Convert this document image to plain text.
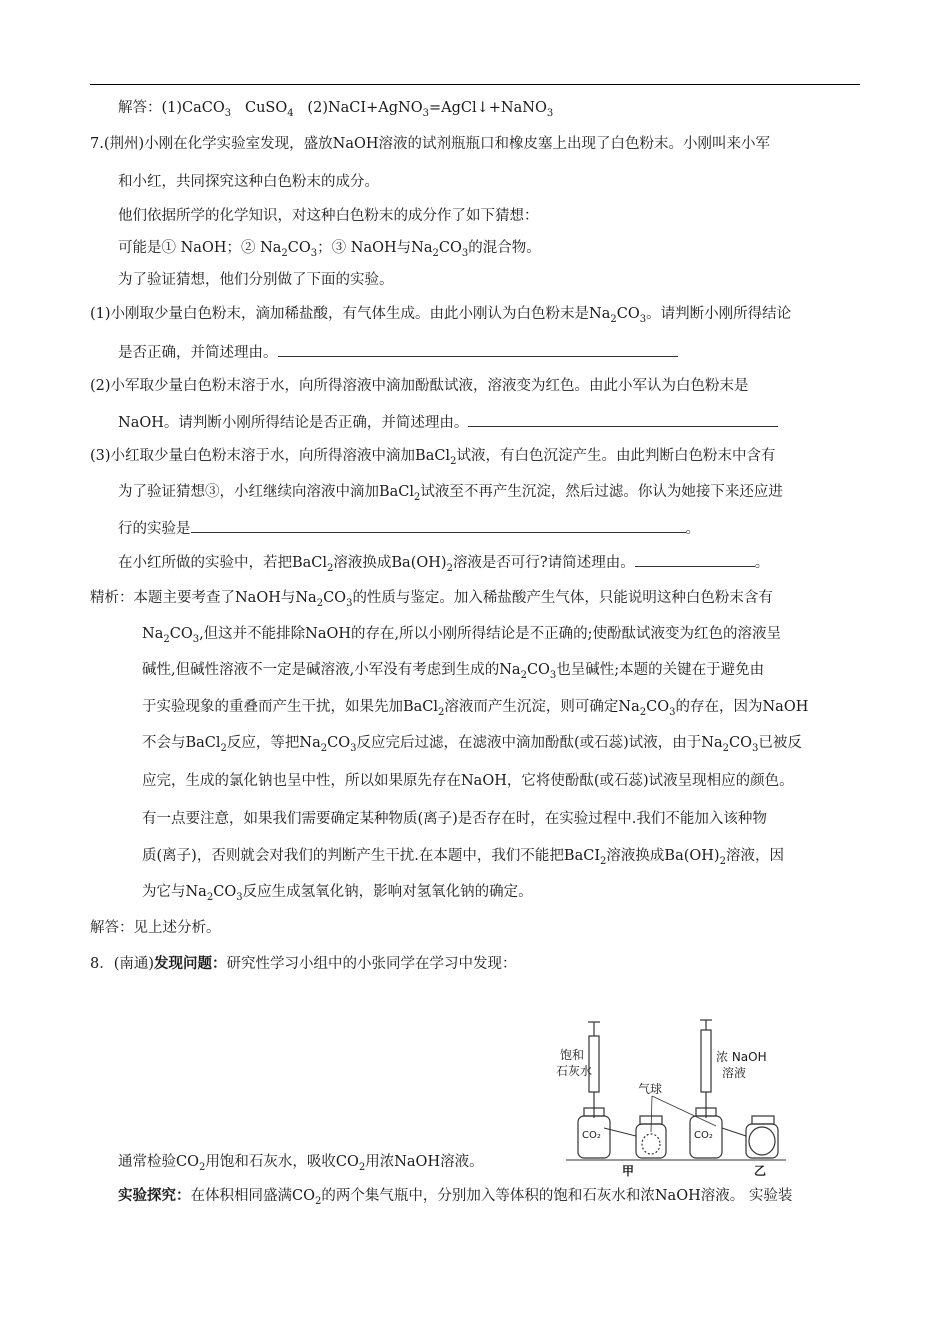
解答：(1)CaCO$_3$   CuSO$_4$   (2)NaCI+AgNO$_3$=AgCl↓+NaNO$_3$
7.(荆州)小刚在化学实验室发现，盛放NaOH溶液的试剂瓶瓶口和橡皮塞上出现了白色粉末。小刚叫来小军
和小红，共同探究这种白色粉末的成分。
他们依据所学的化学知识，对这种白色粉末的成分作了如下猜想：
可能是① NaOH；② $Na_2CO_3$；③ NaOH与$Na_2CO_3$的混合物。
为了验证猜想，他们分别做了下面的实验。
(1)小刚取少量白色粉末，滴加稀盐酸，有气体生成。由此小刚认为白色粉末是$Na_2CO_3$。请判断小刚所得结论
是否正确，并简述理由。
(2)小军取少量白色粉末溶于水，向所得溶液中滴加酚酞试液，溶液变为红色。由此小军认为白色粉末是
NaOH。请判断小刚所得结论是否正确，并简述理由。
(3)小红取少量白色粉末溶于水，向所得溶液中滴加BaCl$_2$试液，有白色沉淀产生。由此判断白色粉末中含有
为了验证猜想③，小红继续向溶液中滴加BaCl$_2$试液至不再产生沉淀，然后过滤。你认为她接下来还应进
行的实验是	。
在小红所做的实验中，若把BaCl$_2$溶液换成$Ba(OH)_2$溶液是否可行?请简述理由。	。
精析：本题主要考查了NaOH与$Na_2CO_3$的性质与鉴定。加入稀盐酸产生气体，只能说明这种白色粉末含有
$Na_2CO_3$,但这并不能排除NaOH的存在,所以小刚所得结论是不正确的;使酚酞试液变为红色的溶液呈
碱性,但碱性溶液不一定是碱溶液,小军没有考虑到生成的$Na_2CO_3$也呈碱性;本题的关键在于避免由
于实验现象的重叠而产生干扰，如果先加BaCl$_2$溶液而产生沉淀，则可确定$Na_2CO_3$的存在，因为NaOH
不会与BaCl$_2$反应，等把$Na_2CO_3$反应完后过滤，在滤液中滴加酚酞(或石蕊)试液，由于$Na_2CO_3$已被反
应完，生成的氯化钠也呈中性，所以如果原先存在NaOH，它将使酚酞(或石蕊)试液呈现相应的颜色。
有一点要注意，如果我们需要确定某种物质(离子)是否存在时，在实验过程中.我们不能加入该种物
质(离子)，否则就会对我们的判断产生干扰.在本题中，我们不能把BaCI$_2$溶液换成$Ba(OH)_2$溶液，因
为它与$Na_2CO_3$反应生成氢氧化钠，影响对氢氧化钠的确定。
解答：见上述分析。
8．(南通)发现问题：研究性学习小组中的小张同学在学习中发现：
通常检验$CO_2$用饱和石灰水，吸收$CO_2$用浓NaOH溶液。
实验探究：在体积相同盛满$CO_2$的两个集气瓶中，分别加入等体积的饱和石灰水和浓NaOH溶液。 实验装
饱和
石灰水
气球
浓 NaOH
溶液
CO₂	CO₂
甲	乙
